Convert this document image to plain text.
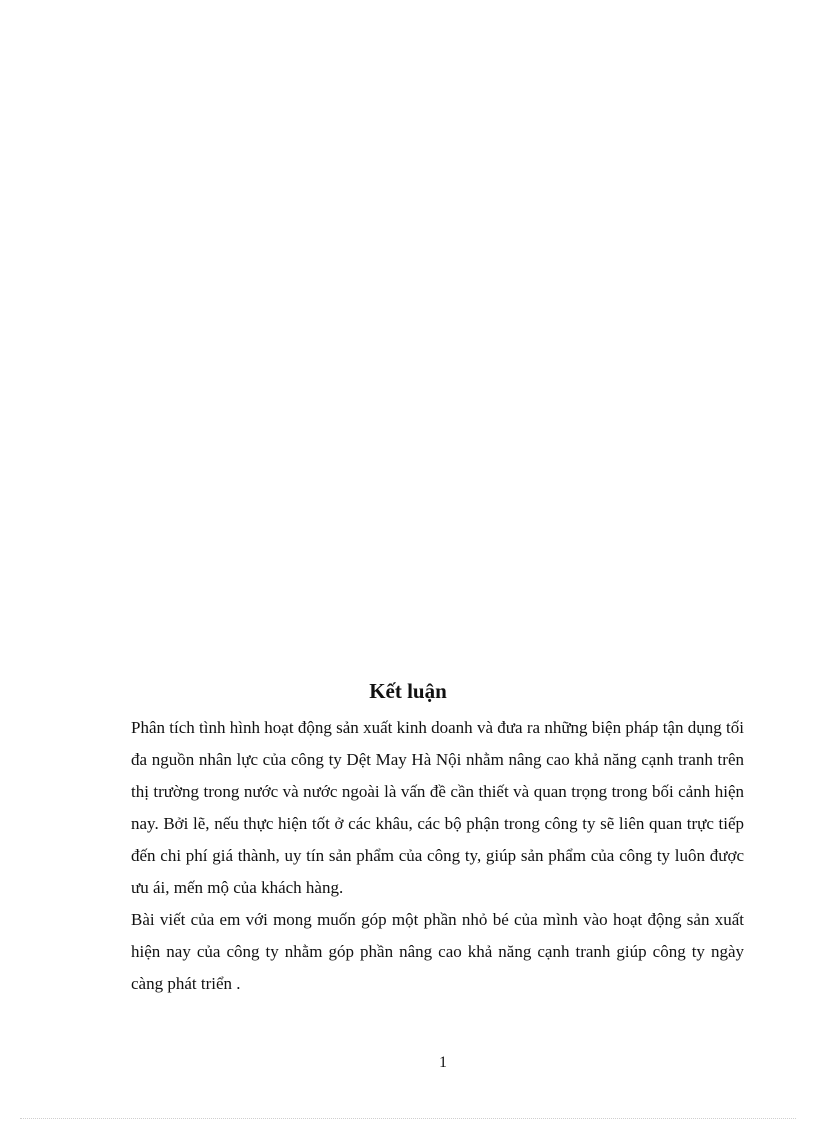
Kết luận

Phân tích tình hình hoạt động sản xuất kinh doanh và đưa ra những biện pháp tận dụng tối đa nguồn nhân lực của công ty Dệt May Hà Nội nhằm nâng cao khả năng cạnh tranh trên thị trường trong nước và nước ngoài là vấn đề cần thiết và quan trọng trong bối cảnh hiện nay. Bởi lẽ, nếu thực hiện tốt ở các khâu, các bộ phận trong công ty sẽ liên quan trực tiếp đến chi phí giá thành, uy tín sản phẩm của công ty, giúp sản phẩm của công ty luôn được ưu ái, mến mộ của khách hàng.

Bài viết của em với mong muốn góp một phần nhỏ bé của mình vào hoạt động sản xuất hiện nay của công ty nhằm góp phần nâng cao khả năng cạnh tranh giúp công ty ngày càng phát triển .

1
